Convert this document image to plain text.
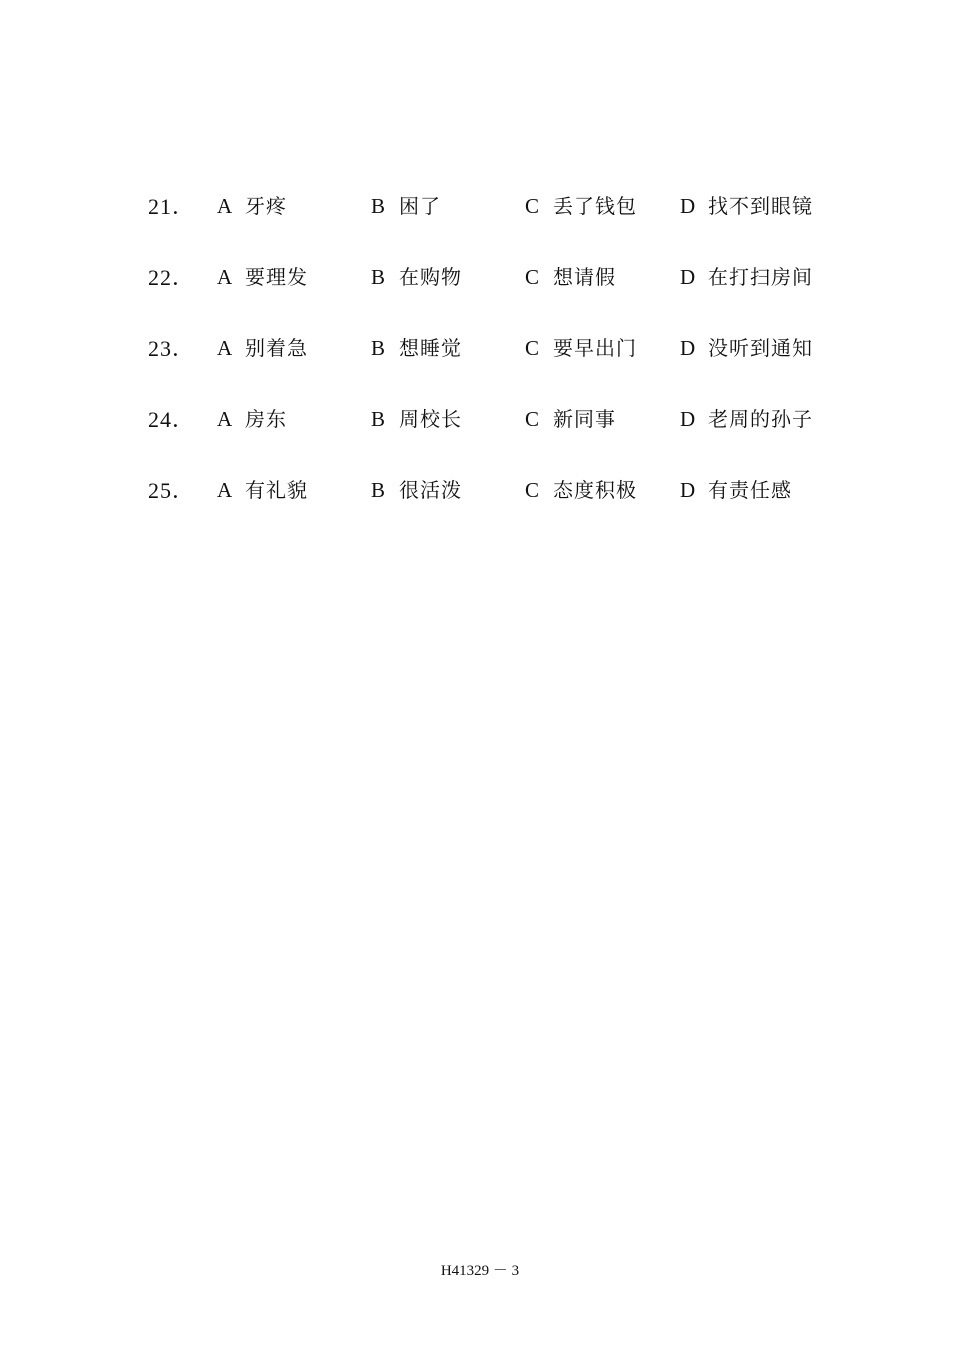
21． A 牙疼	B 困了	C 丢了钱包 D 找不到眼镜
22． A 要理发	B 在购物	C 想请假	D 在打扫房间
23． A 别着急	B 想睡觉	C 要早出门 D 没听到通知
24． A 房东	B 周校长	C 新同事	D 老周的孙子
25． A 有礼貌	B 很活泼	C 态度积极 D 有责任感
H41329 － 3
